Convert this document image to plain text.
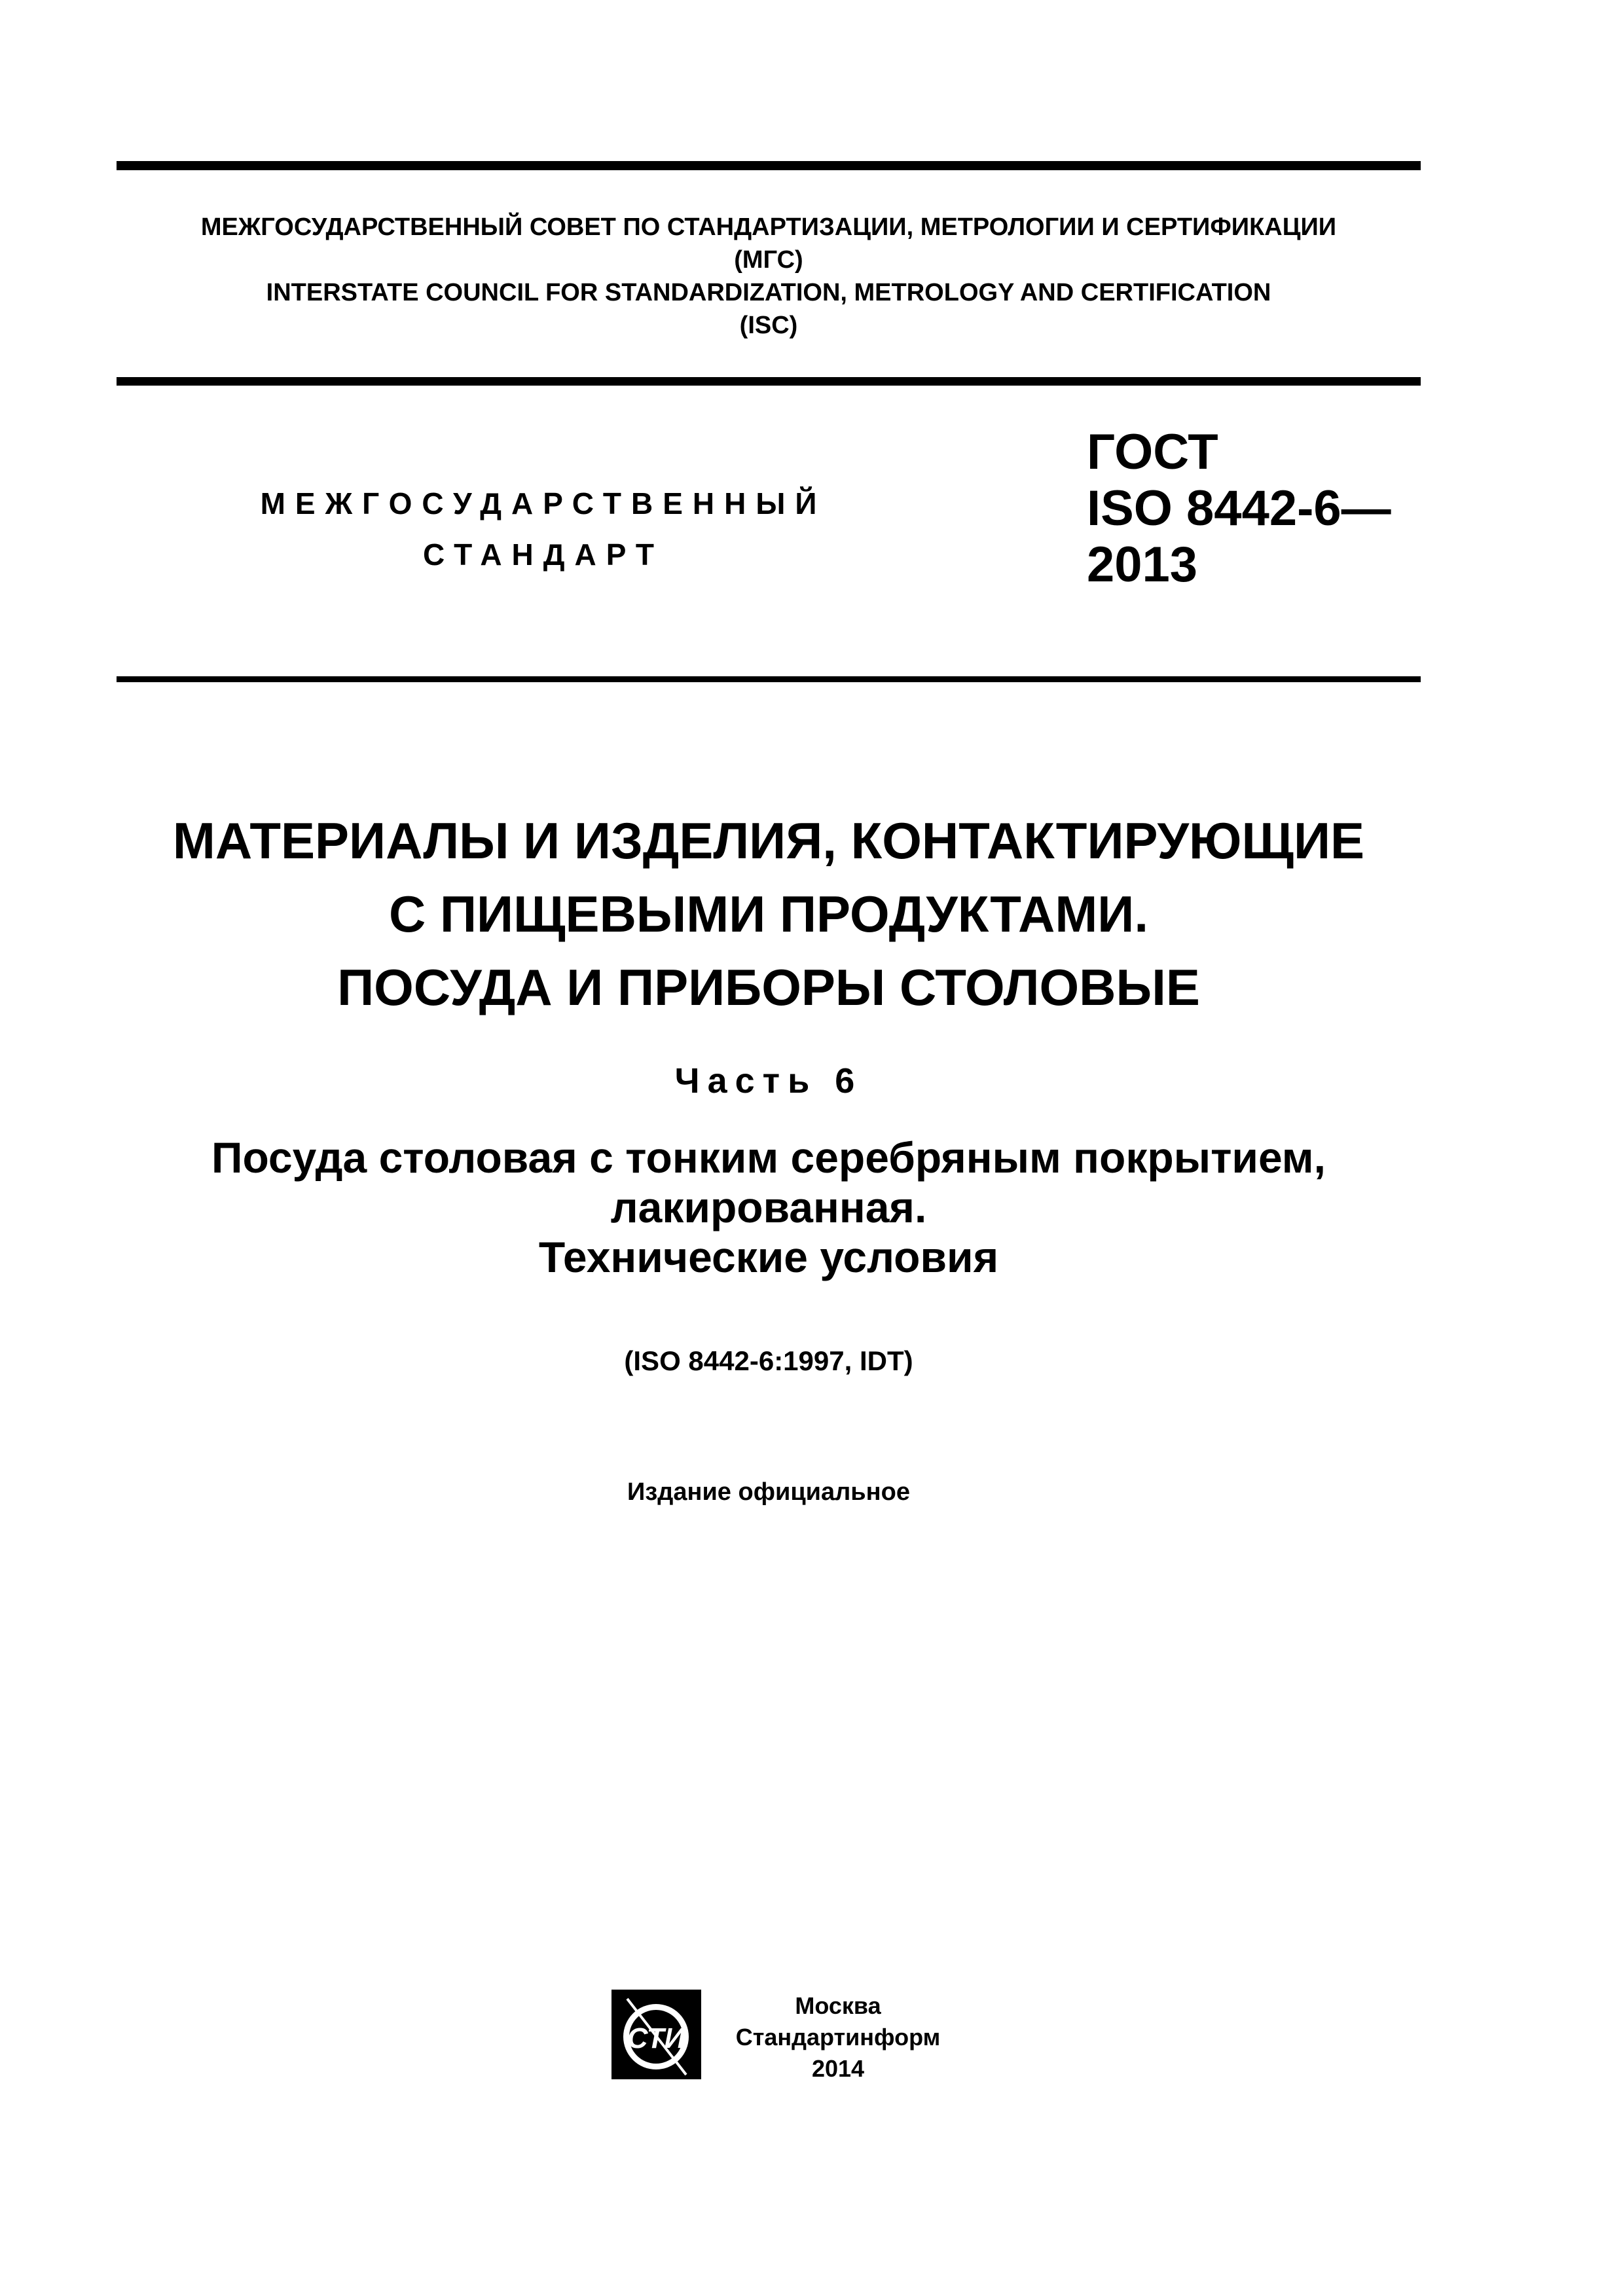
МЕЖГОСУДАРСТВЕННЫЙ СОВЕТ ПО СТАНДАРТИЗАЦИИ, МЕТРОЛОГИИ И СЕРТИФИКАЦИИ
(МГС)
INTERSTATE COUNCIL FOR STANDARDIZATION, METROLOGY AND CERTIFICATION
(ISC)
МЕЖГОСУДАРСТВЕННЫЙ
СТАНДАРТ
ГОСТ
ISO 8442-6—
2013
МАТЕРИАЛЫ И ИЗДЕЛИЯ, КОНТАКТИРУЮЩИЕ
С ПИЩЕВЫМИ ПРОДУКТАМИ.
ПОСУДА И ПРИБОРЫ СТОЛОВЫЕ
Часть 6
Посуда столовая с тонким серебряным покрытием,
лакированная.
Технические условия
(ISO 8442-6:1997, IDT)
Издание официальное
СТИ
Москва
Стандартинформ
2014
